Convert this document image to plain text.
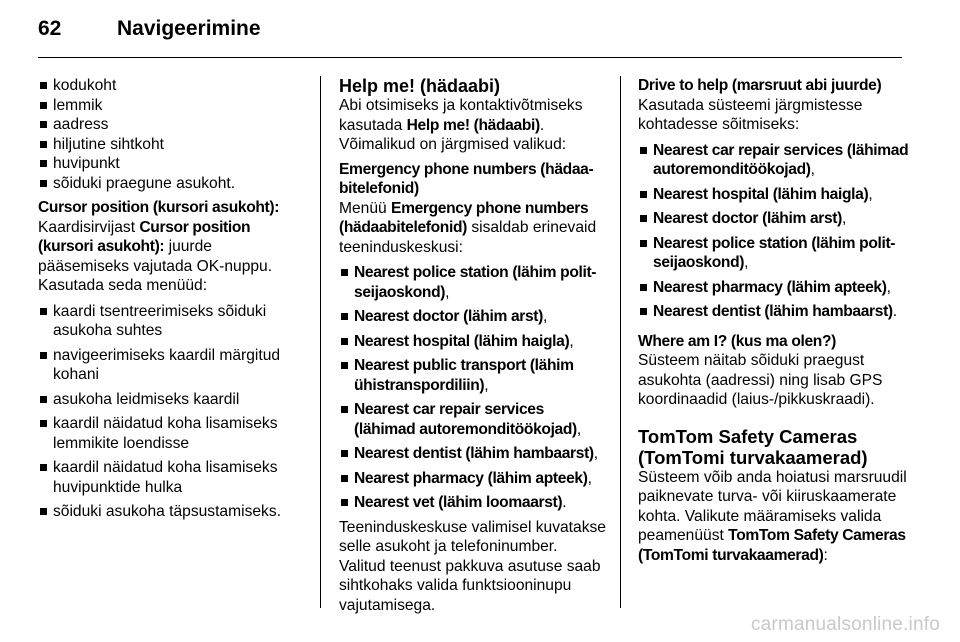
62	Navigeerimine
kodukoht
lemmik
aadress
hiljutine sihtkoht
huvipunkt
sõiduki praegune asukoht.

Cursor position (kursori asukoht):

Kaardisirvijast Cursor position (kursori asukoht): juurde pääsemiseks vajutada OK-nuppu.

Kasutada seda menüüd:

kaardi tsentreerimiseks sõiduki asukoha suhtes
navigeerimiseks kaardil märgitud kohani
asukoha leidmiseks kaardil
kaardil näidatud koha lisamiseks lemmikite loendisse
kaardil näidatud koha lisamiseks huvipunktide hulka
sõiduki asukoha täpsustamiseks.

Help me! (hädaabi)

Abi otsimiseks ja kontaktivõtmiseks kasutada Help me! (hädaabi).

Võimalikud on järgmised valikud:

Emergency phone numbers (hädaa-bitelefonid)

Menüü Emergency phone numbers (hädaabitelefonid) sisaldab erinevaid teeninduskeskusi:

Nearest police station (lähim polit-seijaoskond),
Nearest doctor (lähim arst),
Nearest hospital (lähim haigla),
Nearest public transport (lähim ühistranspordiliin),
Nearest car repair services (lähimad autoremonditöökojad),
Nearest dentist (lähim hambaarst),
Nearest pharmacy (lähim apteek),
Nearest vet (lähim loomaarst).

Teeninduskeskuse valimisel kuvatakse selle asukoht ja telefoninumber. Valitud teenust pakkuva asutuse saab sihtkohaks valida funktsiooninupu vajutamisega.

Drive to help (marsruut abi juurde)

Kasutada süsteemi järgmistesse kohtadesse sõitmiseks:

Nearest car repair services (lähimad autoremonditöökojad),
Nearest hospital (lähim haigla),
Nearest doctor (lähim arst),
Nearest police station (lähim polit-seijaoskond),
Nearest pharmacy (lähim apteek),
Nearest dentist (lähim hambaarst).

Where am I? (kus ma olen?)

Süsteem näitab sõiduki praegust asukohta (aadressi) ning lisab GPS koordinaadid (laius-/pikkuskraadi).

TomTom Safety Cameras (TomTomi turvakaamerad)

Süsteem võib anda hoiatusi marsruudil paiknevate turva- või kiiruskaamerate kohta. Valikute määramiseks valida peamenüüst TomTom Safety Cameras (TomTomi turvakaamerad):

carmanualsonline.info
